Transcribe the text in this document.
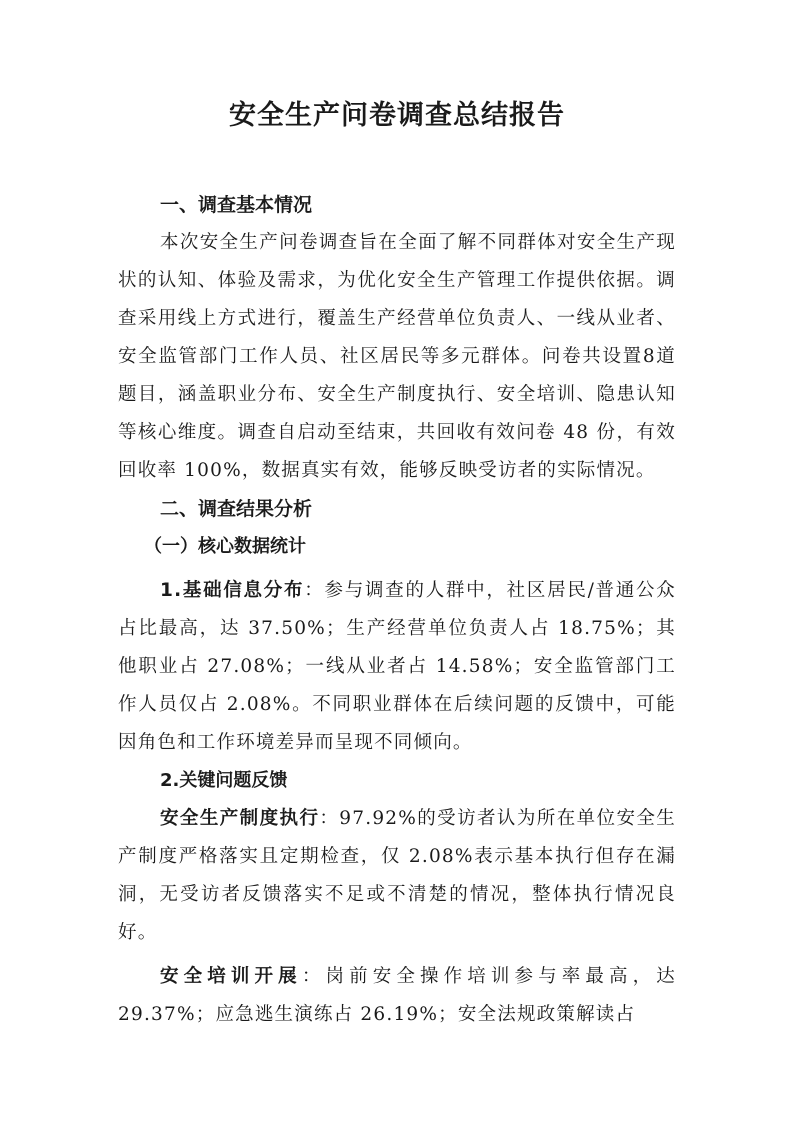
安全生产问卷调查总结报告

一、调查基本情况

本次安全生产问卷调查旨在全面了解不同群体对安全生产现状的认知、体验及需求，为优化安全生产管理工作提供依据。调查采用线上方式进行，覆盖生产经营单位负责人、一线从业者、安全监管部门工作人员、社区居民等多元群体。问卷共设置8道题目，涵盖职业分布、安全生产制度执行、安全培训、隐患认知等核心维度。调查自启动至结束，共回收有效问卷 48 份，有效回收率 100%，数据真实有效，能够反映受访者的实际情况。

二、调查结果分析

（一）核心数据统计

1.基础信息分布：参与调查的人群中，社区居民/普通公众占比最高，达 37.50%；生产经营单位负责人占 18.75%；其他职业占 27.08%；一线从业者占 14.58%；安全监管部门工作人员仅占 2.08%。不同职业群体在后续问题的反馈中，可能因角色和工作环境差异而呈现不同倾向。

2.关键问题反馈

安全生产制度执行：97.92%的受访者认为所在单位安全生产制度严格落实且定期检查，仅 2.08%表示基本执行但存在漏洞，无受访者反馈落实不足或不清楚的情况，整体执行情况良好。

安全培训开展：岗前安全操作培训参与率最高，达 29.37%；应急逃生演练占 26.19%；安全法规政策解读占
